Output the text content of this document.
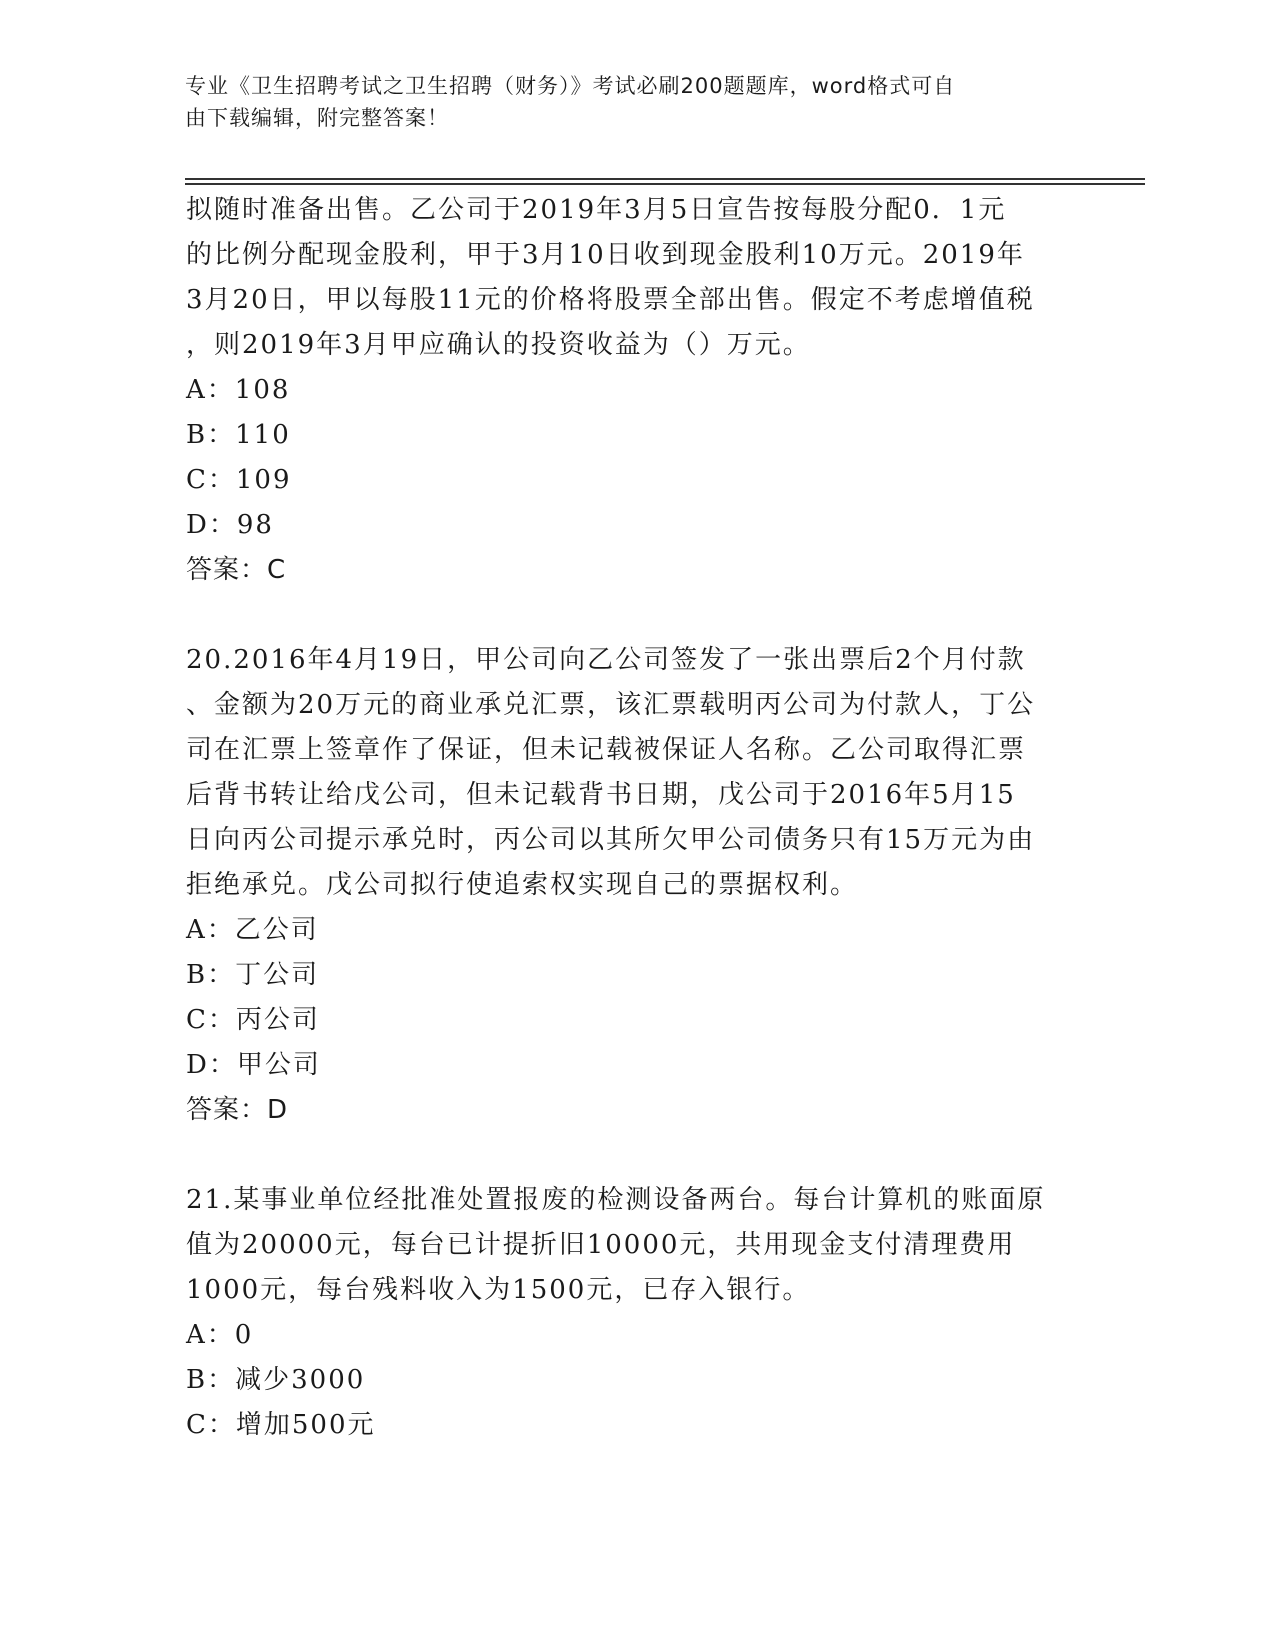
专业《卫生招聘考试之卫生招聘（财务）》考试必刷200题题库，word格式可自
由下载编辑，附完整答案！

拟随时准备出售。乙公司于2019年3月5日宣告按每股分配0．1元

的比例分配现金股利，甲于3月10日收到现金股利10万元。2019年

3月20日，甲以每股11元的价格将股票全部出售。假定不考虑增值税

，则2019年3月甲应确认的投资收益为（）万元。

A：108

B：110

C：109

D：98

答案：C

20.2016年4月19日，甲公司向乙公司签发了一张出票后2个月付款

、金额为20万元的商业承兑汇票，该汇票载明丙公司为付款人，丁公

司在汇票上签章作了保证，但未记载被保证人名称。乙公司取得汇票

后背书转让给戊公司，但未记载背书日期，戊公司于2016年5月15

日向丙公司提示承兑时，丙公司以其所欠甲公司债务只有15万元为由

拒绝承兑。戊公司拟行使追索权实现自己的票据权利。

A：乙公司

B：丁公司

C：丙公司

D：甲公司

答案：D

21.某事业单位经批准处置报废的检测设备两台。每台计算机的账面原

值为20000元，每台已计提折旧10000元，共用现金支付清理费用

1000元，每台残料收入为1500元，已存入银行。

A：0

B：减少3000

C：增加500元
